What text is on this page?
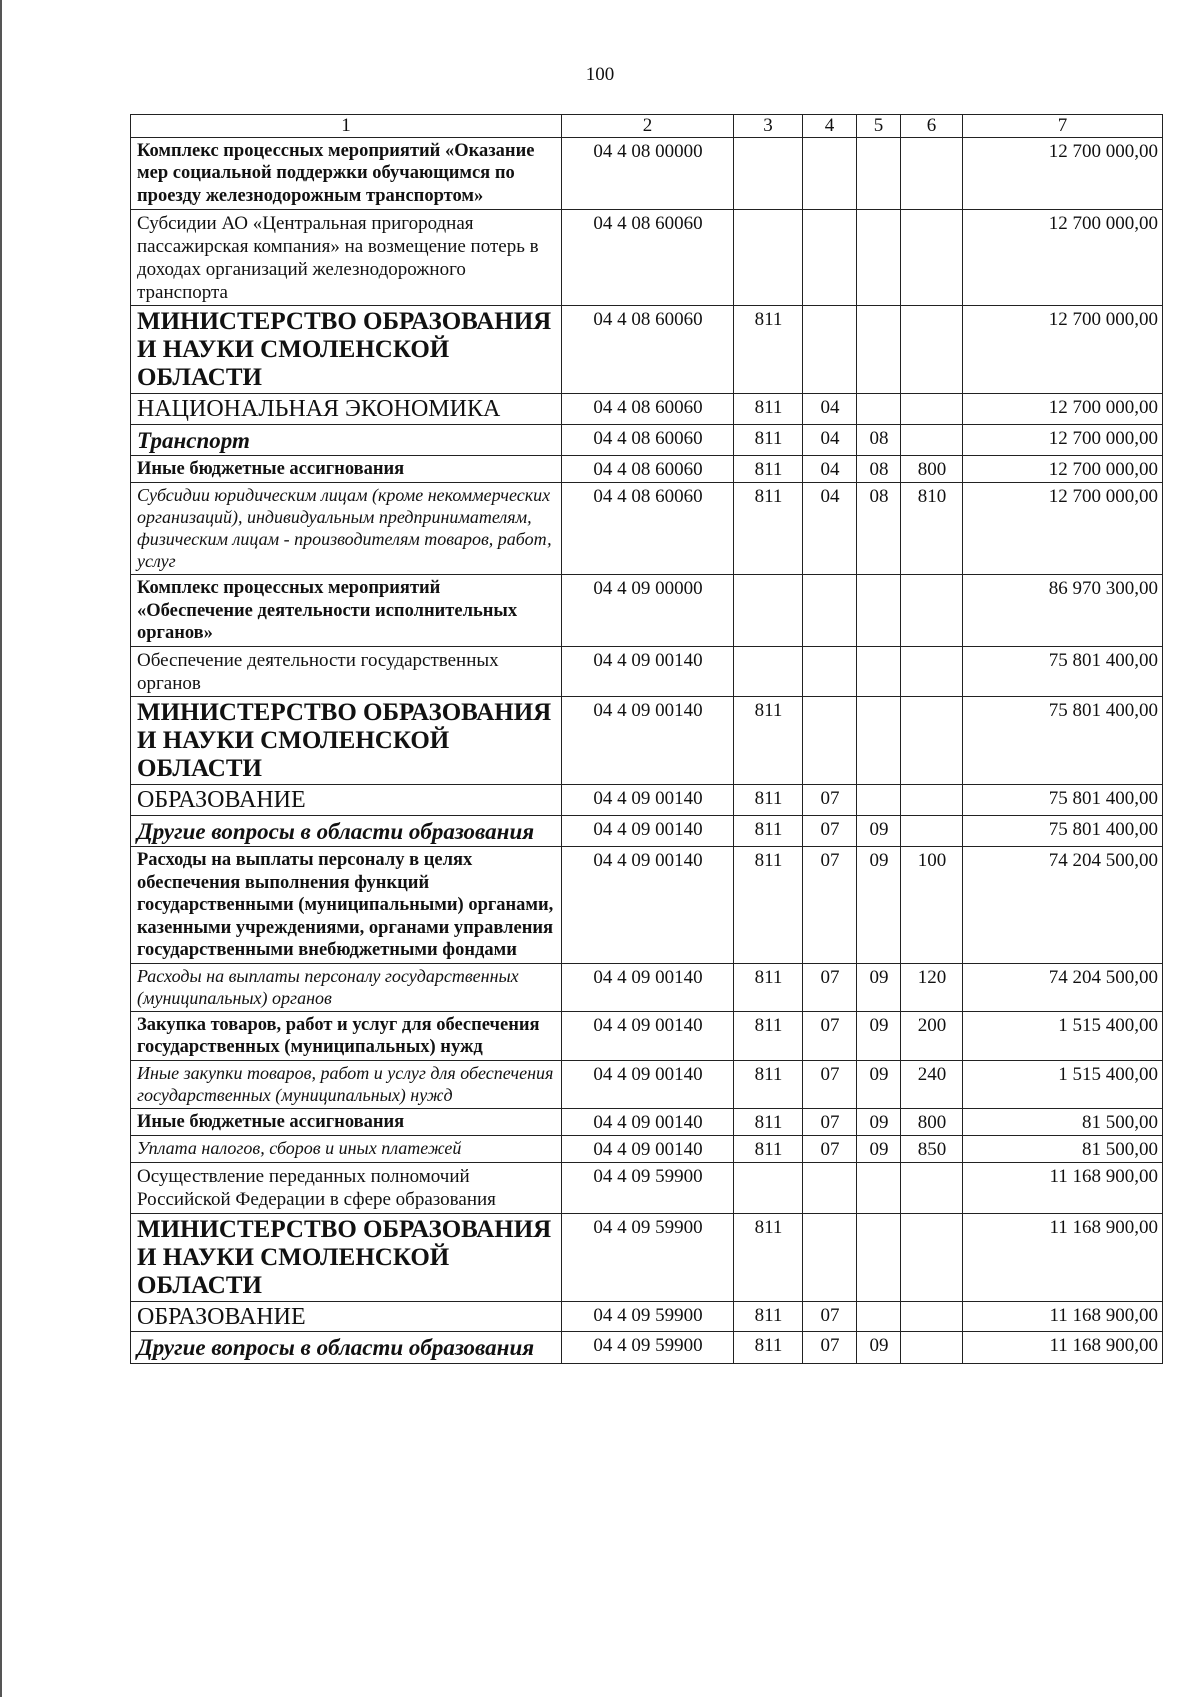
100
1	2	3	4	5	6	7
Комплекс процессных мероприятий «Оказание мер социальной поддержки обучающимся по проезду железнодорожным транспортом»	04 4 08 00000					12 700 000,00
Субсидии АО «Центральная пригородная пассажирская компания» на возмещение потерь в доходах организаций железнодорожного транспорта	04 4 08 60060					12 700 000,00
МИНИСТЕРСТВО ОБРАЗОВАНИЯ И НАУКИ СМОЛЕНСКОЙ ОБЛАСТИ	04 4 08 60060	811				12 700 000,00
НАЦИОНАЛЬНАЯ ЭКОНОМИКА	04 4 08 60060	811	04			12 700 000,00
Транспорт	04 4 08 60060	811	04	08		12 700 000,00
Иные бюджетные ассигнования	04 4 08 60060	811	04	08	800	12 700 000,00
Субсидии юридическим лицам (кроме некоммерческих организаций), индивидуальным предпринимателям, физическим лицам - производителям товаров, работ, услуг	04 4 08 60060	811	04	08	810	12 700 000,00
Комплекс процессных мероприятий «Обеспечение деятельности исполнительных органов»	04 4 09 00000					86 970 300,00
Обеспечение деятельности государственных органов	04 4 09 00140					75 801 400,00
МИНИСТЕРСТВО ОБРАЗОВАНИЯ И НАУКИ СМОЛЕНСКОЙ ОБЛАСТИ	04 4 09 00140	811				75 801 400,00
ОБРАЗОВАНИЕ	04 4 09 00140	811	07			75 801 400,00
Другие вопросы в области образования	04 4 09 00140	811	07	09		75 801 400,00
Расходы на выплаты персоналу в целях обеспечения выполнения функций государственными (муниципальными) органами, казенными учреждениями, органами управления государственными внебюджетными фондами	04 4 09 00140	811	07	09	100	74 204 500,00
Расходы на выплаты персоналу государственных (муниципальных) органов	04 4 09 00140	811	07	09	120	74 204 500,00
Закупка товаров, работ и услуг для обеспечения государственных (муниципальных) нужд	04 4 09 00140	811	07	09	200	1 515 400,00
Иные закупки товаров, работ и услуг для обеспечения государственных (муниципальных) нужд	04 4 09 00140	811	07	09	240	1 515 400,00
Иные бюджетные ассигнования	04 4 09 00140	811	07	09	800	81 500,00
Уплата налогов, сборов и иных платежей	04 4 09 00140	811	07	09	850	81 500,00
Осуществление переданных полномочий Российской Федерации в сфере образования	04 4 09 59900					11 168 900,00
МИНИСТЕРСТВО ОБРАЗОВАНИЯ И НАУКИ СМОЛЕНСКОЙ ОБЛАСТИ	04 4 09 59900	811				11 168 900,00
ОБРАЗОВАНИЕ	04 4 09 59900	811	07			11 168 900,00
Другие вопросы в области образования	04 4 09 59900	811	07	09		11 168 900,00
